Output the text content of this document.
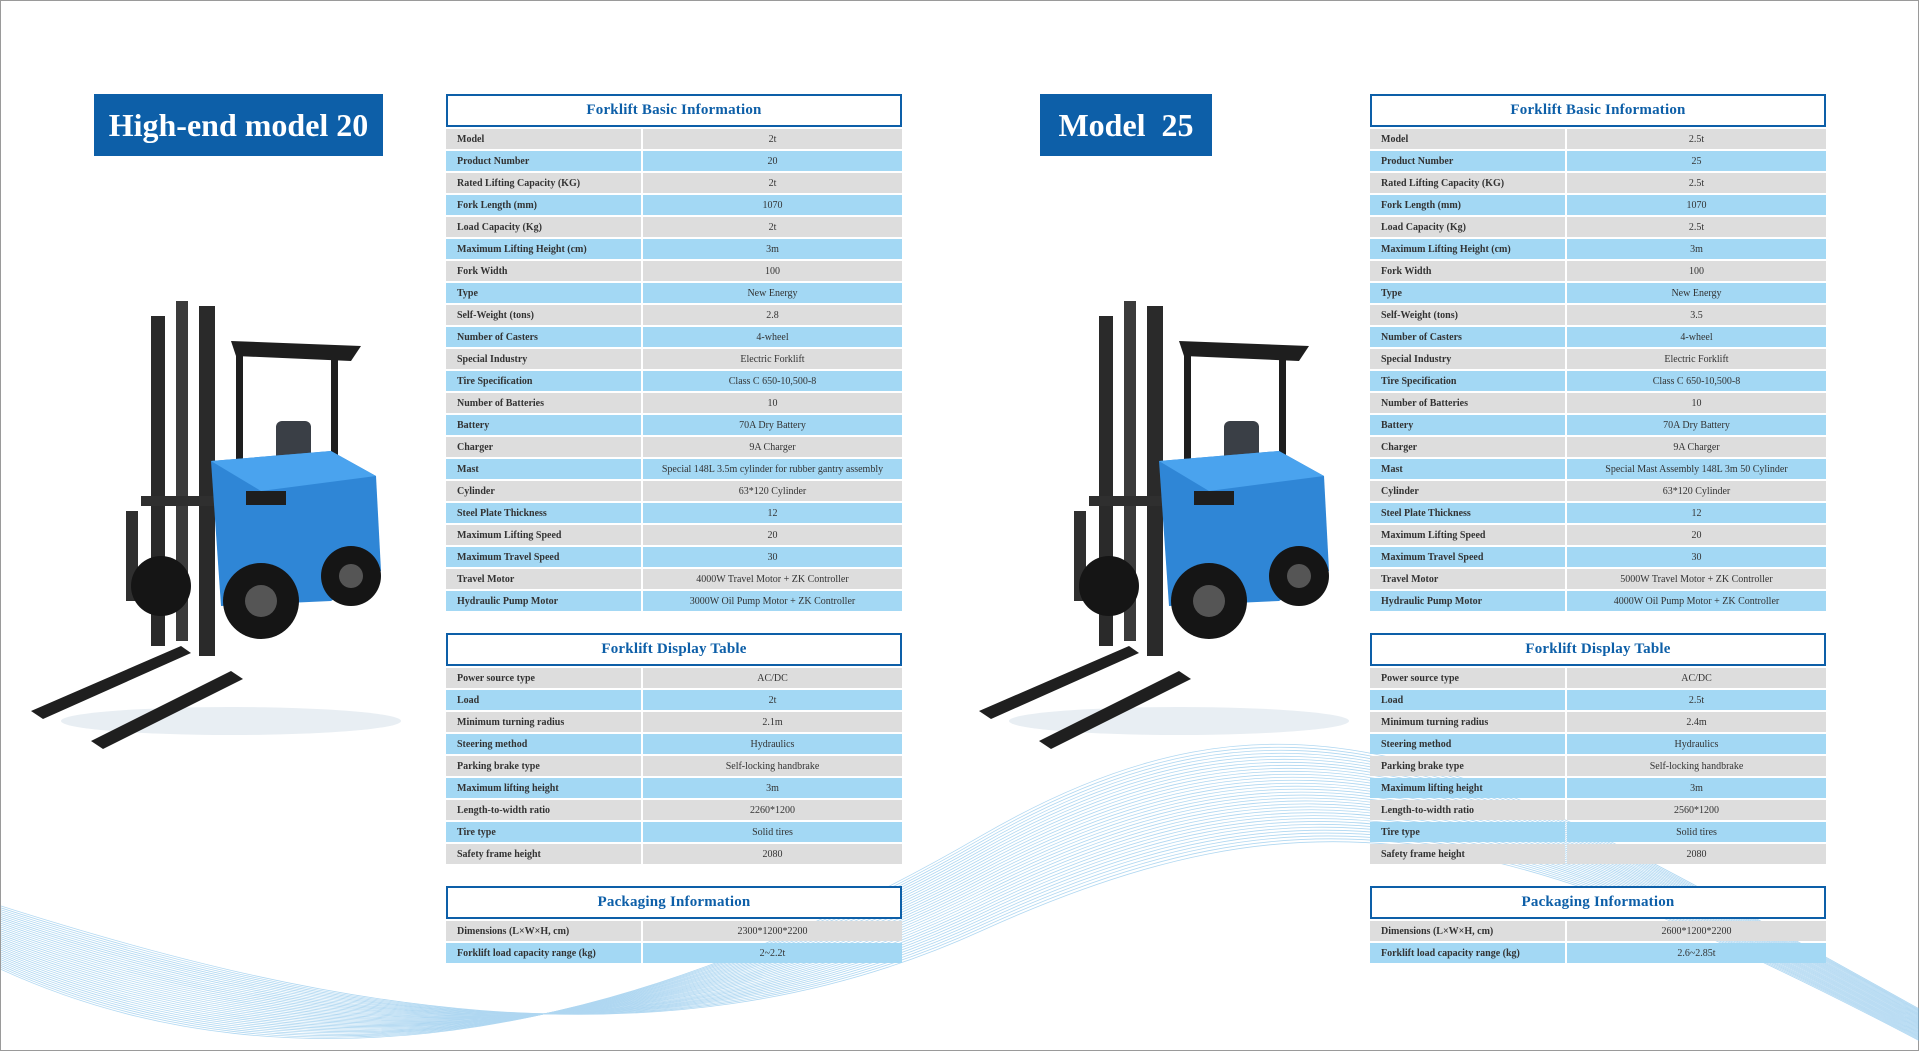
High-end model 20	Forklift Basic Information
Model	2t
Product Number	20
Rated Lifting Capacity (KG)	2t
Fork Length (mm)	1070
Load Capacity (Kg)	2t
Maximum Lifting Height (cm)	3m
Fork Width	100
Type	New Energy
Self-Weight (tons)	2.8
Number of Casters	4-wheel
Special Industry	Electric Forklift
Tire Specification	Class C 650-10,500-8
Number of Batteries	10
Battery	70A Dry Battery
Charger	9A Charger
Mast	Special 148L 3.5m cylinder for rubber gantry assembly
Cylinder	63*120 Cylinder
Steel Plate Thickness	12
Maximum Lifting Speed	20
Maximum Travel Speed	30
Travel Motor	4000W Travel Motor + ZK Controller
Hydraulic Pump Motor	3000W Oil Pump Motor + ZK Controller
Forklift Display Table
Power source type	AC/DC
Load	2t
Minimum turning radius	2.1m
Steering method	Hydraulics
Parking brake type	Self-locking handbrake
Maximum lifting height	3m
Length-to-width ratio	2260*1200
Tire type	Solid tires
Safety frame height	2080
Packaging Information
Dimensions (L×W×H, cm)	2300*1200*2200
Forklift load capacity range (kg)	2~2.2t
Model  25	Forklift Basic Information
Model	2.5t
Product Number	25
Rated Lifting Capacity (KG)	2.5t
Fork Length (mm)	1070
Load Capacity (Kg)	2.5t
Maximum Lifting Height (cm)	3m
Fork Width	100
Type	New Energy
Self-Weight (tons)	3.5
Number of Casters	4-wheel
Special Industry	Electric Forklift
Tire Specification	Class C 650-10,500-8
Number of Batteries	10
Battery	70A Dry Battery
Charger	9A Charger
Mast	Special Mast Assembly 148L 3m 50 Cylinder
Cylinder	63*120 Cylinder
Steel Plate Thickness	12
Maximum Lifting Speed	20
Maximum Travel Speed	30
Travel Motor	5000W Travel Motor + ZK Controller
Hydraulic Pump Motor	4000W Oil Pump Motor + ZK Controller
Forklift Display Table
Power source type	AC/DC
Load	2.5t
Minimum turning radius	2.4m
Steering method	Hydraulics
Parking brake type	Self-locking handbrake
Maximum lifting height	3m
Length-to-width ratio	2560*1200
Tire type	Solid tires
Safety frame height	2080
Packaging Information
Dimensions (L×W×H, cm)	2600*1200*2200
Forklift load capacity range (kg)	2.6~2.85t
